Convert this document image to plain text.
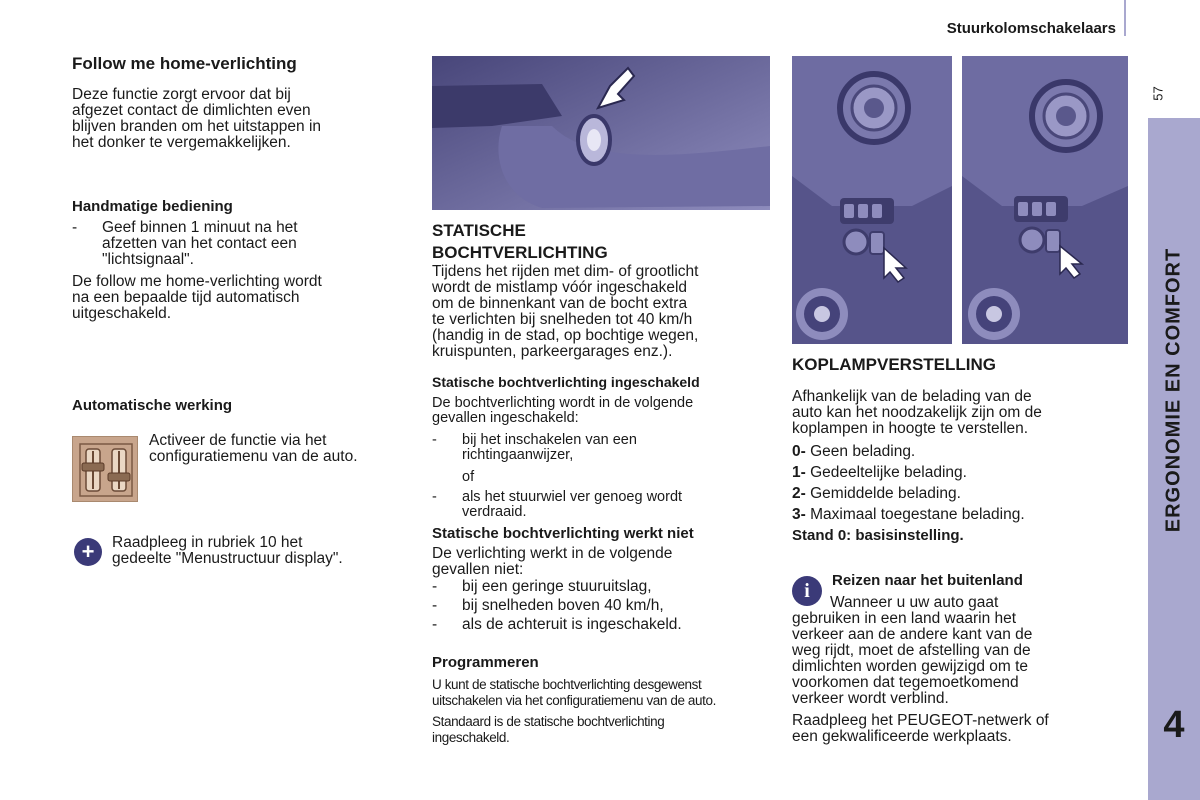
Stuurkolomschakelaars
57
ERGONOMIE EN COMFORT
4
Follow me home-verlichting
Deze functie zorgt ervoor dat bij
afgezet contact de dimlichten even
blijven branden om het uitstappen in
het donker te vergemakkelijken.
Handmatige bediening
- Geef binnen 1 minuut na het
afzetten van het contact een
"lichtsignaal".
De follow me home-verlichting wordt
na een bepaalde tijd automatisch
uitgeschakeld.
Automatische werking
Activeer de functie via het
configuratiemenu van de auto.
+	Raadpleeg in rubriek 10 het
gedeelte "Menustructuur display".
STATISCHE
BOCHTVERLICHTING
Tijdens het rijden met dim- of grootlicht
wordt de mistlamp vóór ingeschakeld
om de binnenkant van de bocht extra
te verlichten bij snelheden tot 40 km/h
(handig in de stad, op bochtige wegen,
kruispunten, parkeergarages enz.).
Statische bochtverlichting ingeschakeld
De bochtverlichting wordt in de volgende
gevallen ingeschakeld:
- bij het inschakelen van een
richtingaanwijzer,
of
- als het stuurwiel ver genoeg wordt
verdraaid.
Statische bochtverlichting werkt niet
De verlichting werkt in de volgende
gevallen niet:
- bij een geringe stuuruitslag,
- bij snelheden boven 40 km/h,
- als de achteruit is ingeschakeld.
Programmeren
U kunt de statische bochtverlichting desgewenst
uitschakelen via het configuratiemenu van de auto.
Standaard is de statische bochtverlichting
ingeschakeld.
KOPLAMPVERSTELLING
Afhankelijk van de belading van de
auto kan het noodzakelijk zijn om de
koplampen in hoogte te verstellen.
0- Geen belading.
1- Gedeeltelijke belading.
2- Gemiddelde belading.
3- Maximaal toegestane belading.
Stand 0: basisinstelling.
i	Reizen naar het buitenland
Wanneer u uw auto gaat
gebruiken in een land waarin het
verkeer aan de andere kant van de
weg rijdt, moet de afstelling van de
dimlichten worden gewijzigd om te
voorkomen dat tegemoetkomend
verkeer wordt verblind.
Raadpleeg het PEUGEOT-netwerk of
een gekwalificeerde werkplaats.
